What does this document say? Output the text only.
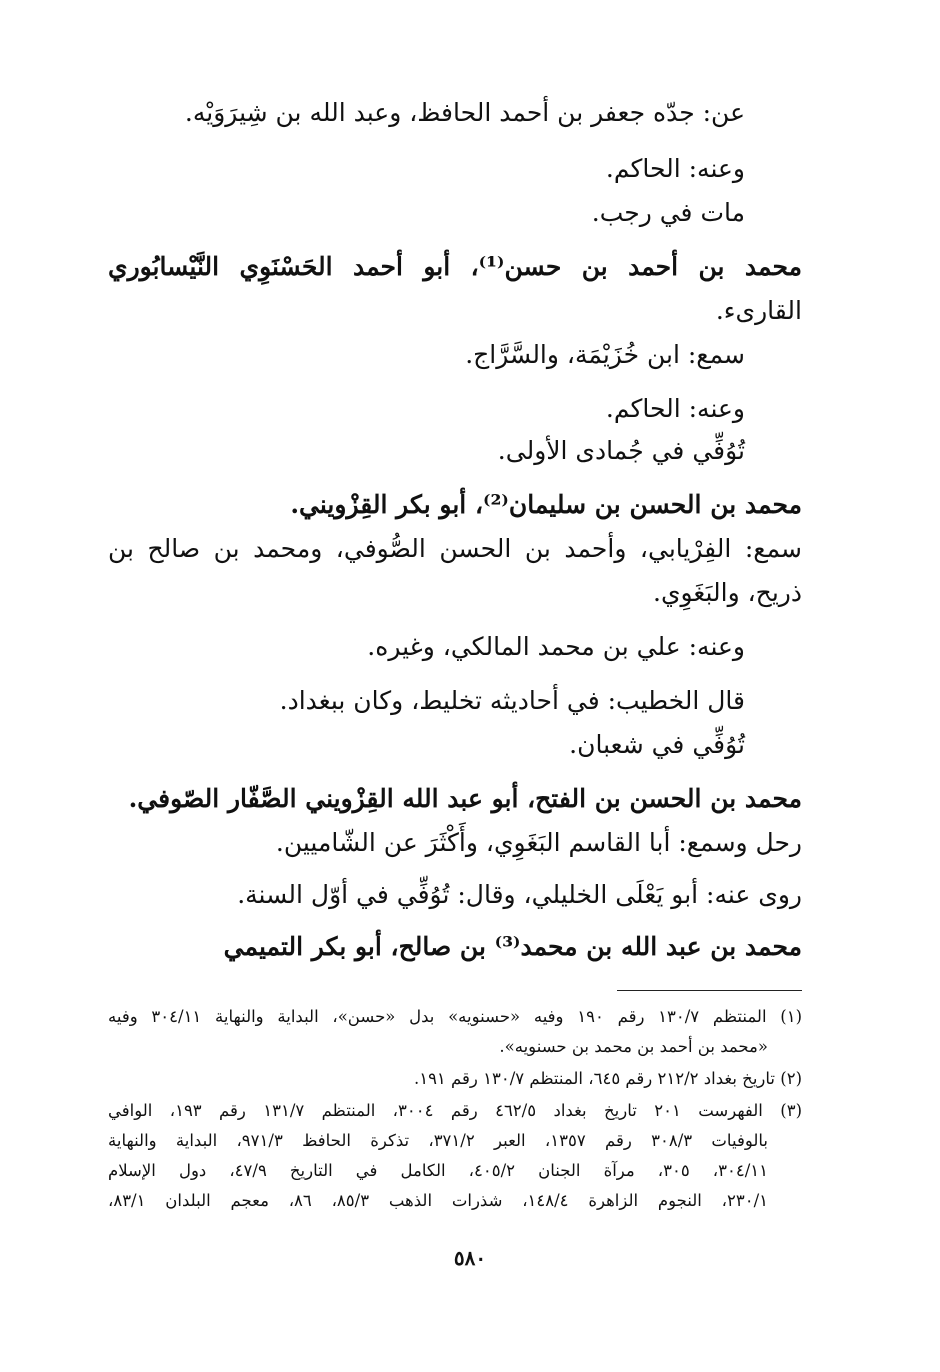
عن: جدّه جعفر بن أحمد الحافظ، وعبد الله بن شِيرَوَيْه.
وعنه: الحاكم.
مات في رجب.
محمد بن أحمد بن حسن⁽¹⁾، أبو أحمد الحَسْنَوِي النَّيْسابُوري
القارىء.
سمع: ابن خُزَيْمَة، والسَّرَّاج.
وعنه: الحاكم.
تُوُفِّي في جُمادى الأولى.
محمد بن الحسن بن سليمان⁽²⁾، أبو بكر القِزْويني.
سمع: الفِرْيابي، وأحمد بن الحسن الصُّوفي، ومحمد بن صالح بن
ذريح، والبَغَوِي.
وعنه: علي بن محمد المالكي، وغيره.
قال الخطيب: في أحاديثه تخليط، وكان ببغداد.
تُوُفِّي في شعبان.
محمد بن الحسن بن الفتح، أبو عبد الله القِزْويني الصَّفّار الصّوفي.
رحل وسمع: أبا القاسم البَغَوِي، وأَكْثَرَ عن الشّاميين.
روى عنه: أبو يَعْلَى الخليلي، وقال: تُوُفِّي في أوّل السنة.
محمد بن عبد الله بن محمد⁽³⁾ بن صالح، أبو بكر التميمي
(١) المنتظم ١٣٠/٧ رقم ١٩٠ وفيه «حسنويه» بدل «حسن»، البداية والنهاية ٣٠٤/١١ وفيه
«محمد بن أحمد بن محمد بن حسنويه».
(٢) تاريخ بغداد ٢١٢/٢ رقم ٦٤٥، المنتظم ١٣٠/٧ رقم ١٩١.
(٣) الفهرست ٢٠١ تاريخ بغداد ٤٦٢/٥ رقم ٣٠٠٤، المنتظم ١٣١/٧ رقم ١٩٣، الوافي
بالوفيات ٣٠٨/٣ رقم ١٣٥٧، العبر ٣٧١/٢، تذكرة الحافظ ٩٧١/٣، البداية والنهاية
٣٠٤/١١، ٣٠٥، مرآة الجنان ٤٠٥/٢، الكامل في التاريخ ٤٧/٩، دول الإسلام
٢٣٠/١، النجوم الزاهرة ١٤٨/٤، شذرات الذهب ٨٥/٣، ٨٦، معجم البلدان ٨٣/١،
٥٨٠
